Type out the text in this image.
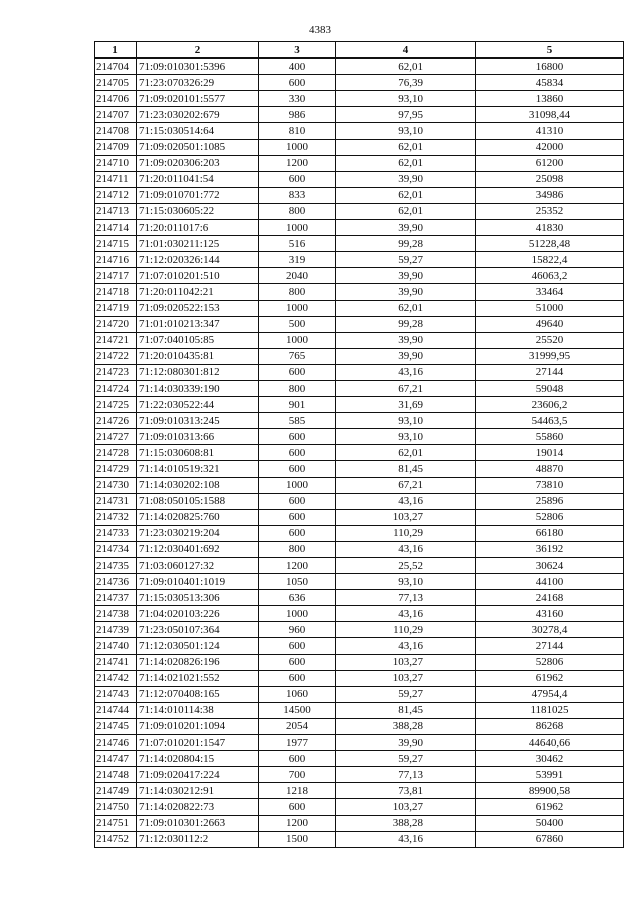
4383
1	2	3	4	5
214704	71:09:010301:5396	400	62,01	16800
214705	71:23:070326:29	600	76,39	45834
214706	71:09:020101:5577	330	93,10	13860
214707	71:23:030202:679	986	97,95	31098,44
214708	71:15:030514:64	810	93,10	41310
214709	71:09:020501:1085	1000	62,01	42000
214710	71:09:020306:203	1200	62,01	61200
214711	71:20:011041:54	600	39,90	25098
214712	71:09:010701:772	833	62,01	34986
214713	71:15:030605:22	800	62,01	25352
214714	71:20:011017:6	1000	39,90	41830
214715	71:01:030211:125	516	99,28	51228,48
214716	71:12:020326:144	319	59,27	15822,4
214717	71:07:010201:510	2040	39,90	46063,2
214718	71:20:011042:21	800	39,90	33464
214719	71:09:020522:153	1000	62,01	51000
214720	71:01:010213:347	500	99,28	49640
214721	71:07:040105:85	1000	39,90	25520
214722	71:20:010435:81	765	39,90	31999,95
214723	71:12:080301:812	600	43,16	27144
214724	71:14:030339:190	800	67,21	59048
214725	71:22:030522:44	901	31,69	23606,2
214726	71:09:010313:245	585	93,10	54463,5
214727	71:09:010313:66	600	93,10	55860
214728	71:15:030608:81	600	62,01	19014
214729	71:14:010519:321	600	81,45	48870
214730	71:14:030202:108	1000	67,21	73810
214731	71:08:050105:1588	600	43,16	25896
214732	71:14:020825:760	600	103,27	52806
214733	71:23:030219:204	600	110,29	66180
214734	71:12:030401:692	800	43,16	36192
214735	71:03:060127:32	1200	25,52	30624
214736	71:09:010401:1019	1050	93,10	44100
214737	71:15:030513:306	636	77,13	24168
214738	71:04:020103:226	1000	43,16	43160
214739	71:23:050107:364	960	110,29	30278,4
214740	71:12:030501:124	600	43,16	27144
214741	71:14:020826:196	600	103,27	52806
214742	71:14:021021:552	600	103,27	61962
214743	71:12:070408:165	1060	59,27	47954,4
214744	71:14:010114:38	14500	81,45	1181025
214745	71:09:010201:1094	2054	388,28	86268
214746	71:07:010201:1547	1977	39,90	44640,66
214747	71:14:020804:15	600	59,27	30462
214748	71:09:020417:224	700	77,13	53991
214749	71:14:030212:91	1218	73,81	89900,58
214750	71:14:020822:73	600	103,27	61962
214751	71:09:010301:2663	1200	388,28	50400
214752	71:12:030112:2	1500	43,16	67860
